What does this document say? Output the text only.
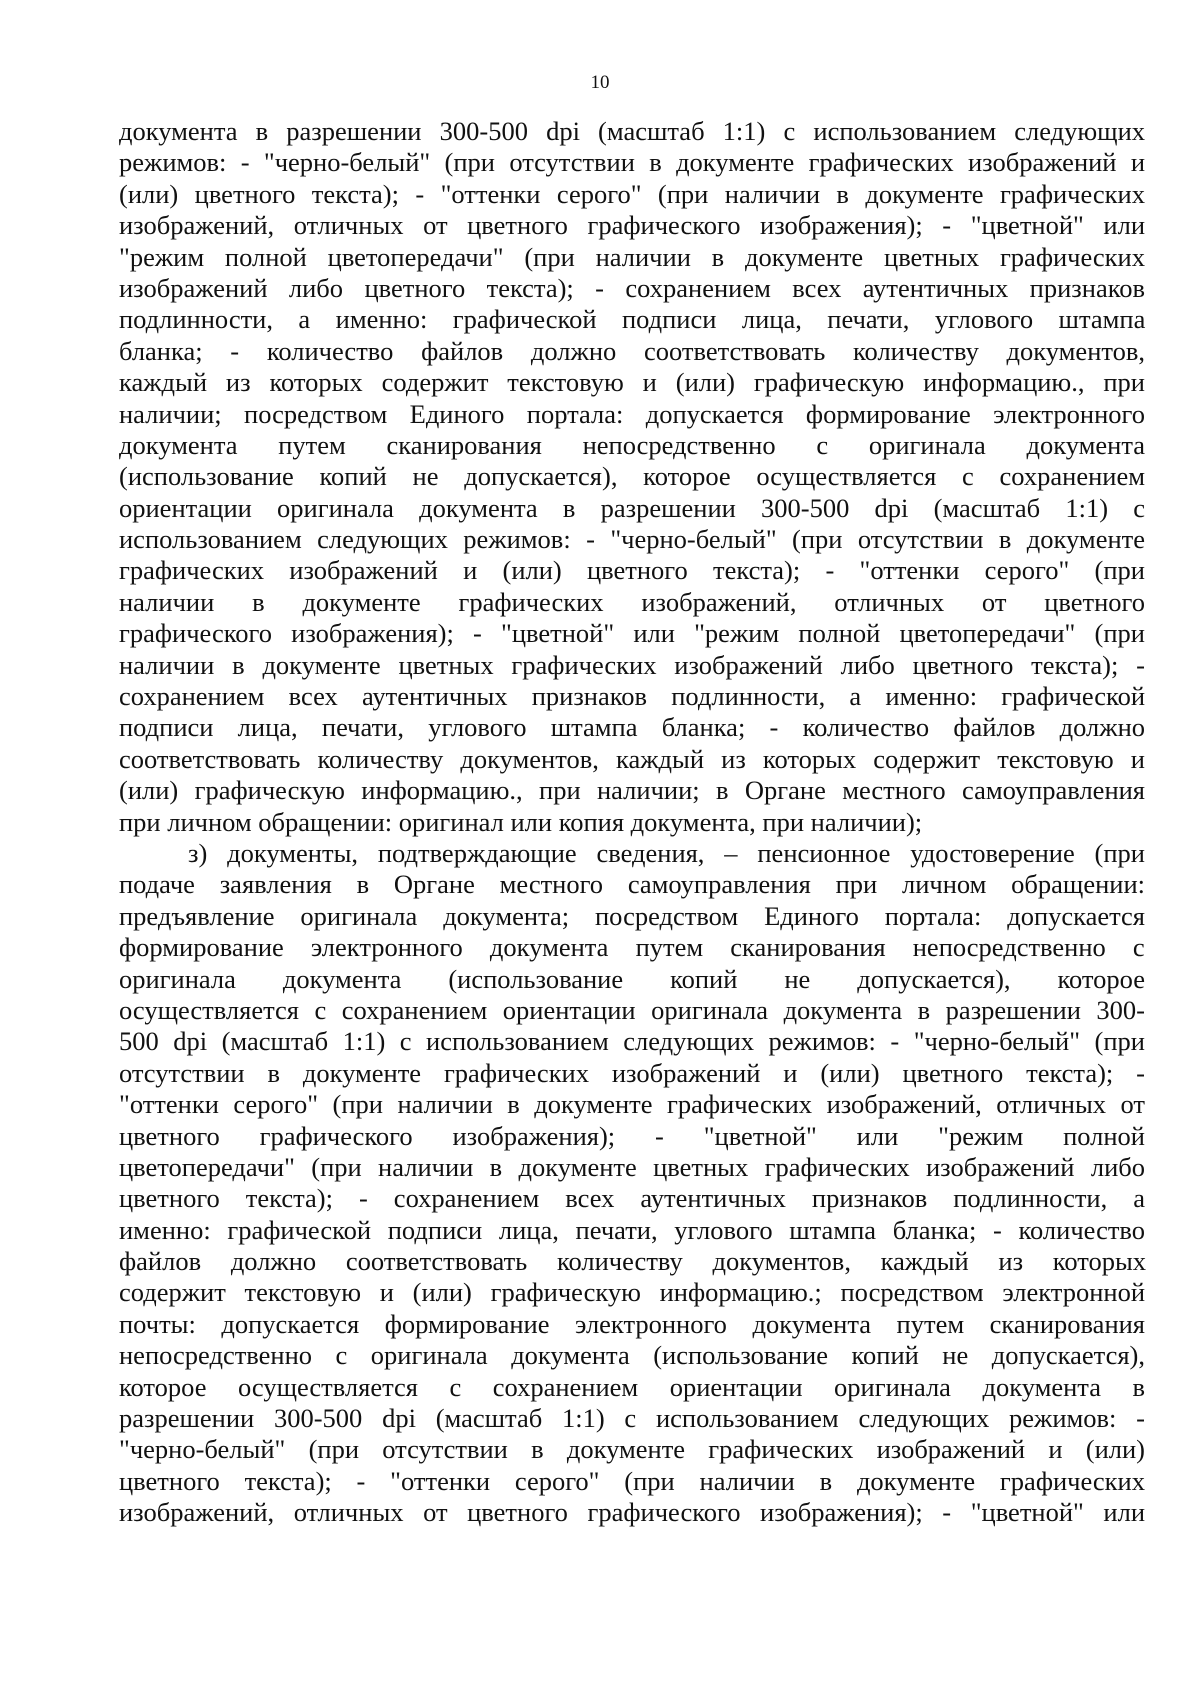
10
документа в разрешении 300-500 dpi (масштаб 1:1) с использованием следующих
режимов: - "черно-белый" (при отсутствии в документе графических изображений и
(или) цветного текста); - "оттенки серого" (при наличии в документе графических
изображений, отличных от цветного графического изображения); - "цветной" или
"режим полной цветопередачи" (при наличии в документе цветных графических
изображений либо цветного текста); - сохранением всех аутентичных признаков
подлинности, а именно: графической подписи лица, печати, углового штампа
бланка; - количество файлов должно соответствовать количеству документов,
каждый из которых содержит текстовую и (или) графическую информацию., при
наличии; посредством Единого портала: допускается формирование электронного
документа путем сканирования непосредственно с оригинала документа
(использование копий не допускается), которое осуществляется с сохранением
ориентации оригинала документа в разрешении 300-500 dpi (масштаб 1:1) с
использованием следующих режимов: - "черно-белый" (при отсутствии в документе
графических изображений и (или) цветного текста); - "оттенки серого" (при
наличии в документе графических изображений, отличных от цветного
графического изображения); - "цветной" или "режим полной цветопередачи" (при
наличии в документе цветных графических изображений либо цветного текста); -
сохранением всех аутентичных признаков подлинности, а именно: графической
подписи лица, печати, углового штампа бланка; - количество файлов должно
соответствовать количеству документов, каждый из которых содержит текстовую и
(или) графическую информацию., при наличии; в Органе местного самоуправления
при личном обращении: оригинал или копия документа, при наличии);
з) документы, подтверждающие сведения, – пенсионное удостоверение (при
подаче заявления в Органе местного самоуправления при личном обращении:
предъявление оригинала документа; посредством Единого портала: допускается
формирование электронного документа путем сканирования непосредственно с
оригинала документа (использование копий не допускается), которое
осуществляется с сохранением ориентации оригинала документа в разрешении 300-
500 dpi (масштаб 1:1) с использованием следующих режимов: - "черно-белый" (при
отсутствии в документе графических изображений и (или) цветного текста); -
"оттенки серого" (при наличии в документе графических изображений, отличных от
цветного графического изображения); - "цветной" или "режим полной
цветопередачи" (при наличии в документе цветных графических изображений либо
цветного текста); - сохранением всех аутентичных признаков подлинности, а
именно: графической подписи лица, печати, углового штампа бланка; - количество
файлов должно соответствовать количеству документов, каждый из которых
содержит текстовую и (или) графическую информацию.; посредством электронной
почты: допускается формирование электронного документа путем сканирования
непосредственно с оригинала документа (использование копий не допускается),
которое осуществляется с сохранением ориентации оригинала документа в
разрешении 300-500 dpi (масштаб 1:1) с использованием следующих режимов: -
"черно-белый" (при отсутствии в документе графических изображений и (или)
цветного текста); - "оттенки серого" (при наличии в документе графических
изображений, отличных от цветного графического изображения); - "цветной" или
